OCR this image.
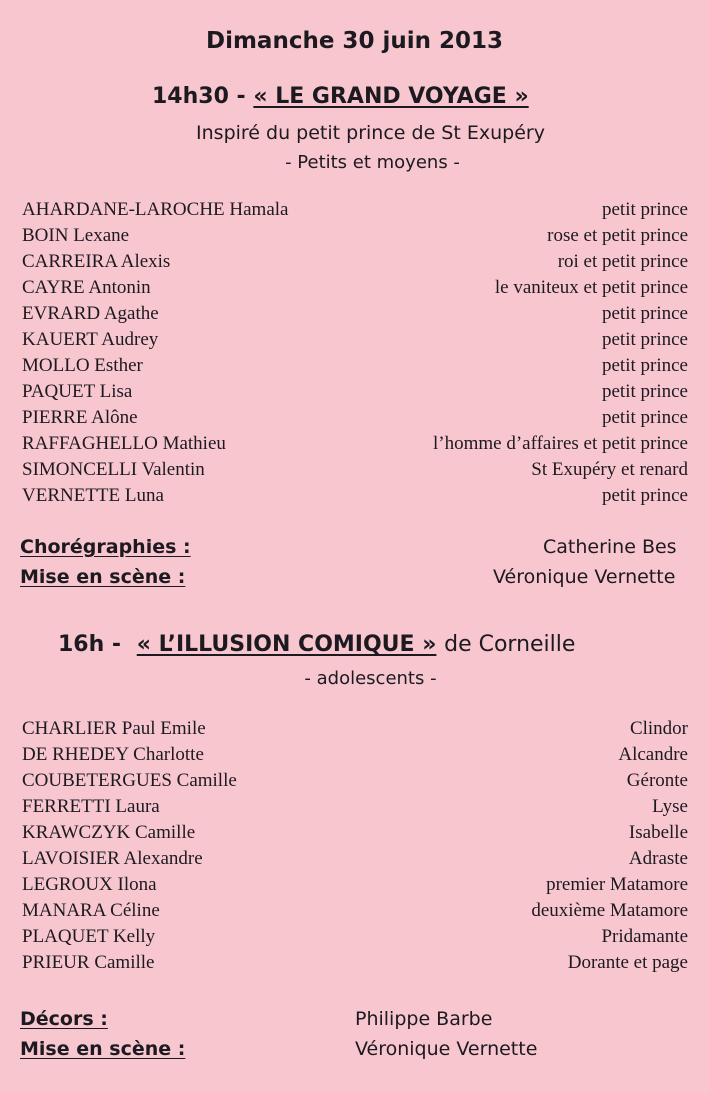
Dimanche 30 juin 2013
14h30 - « LE GRAND VOYAGE »
Inspiré du petit prince de St Exupéry
- Petits et moyens -
AHARDANE-LAROCHE Hamala	petit prince
BOIN Lexane	rose et petit prince
CARREIRA Alexis	roi et petit prince
CAYRE Antonin	le vaniteux et petit prince
EVRARD Agathe	petit prince
KAUERT Audrey	petit prince
MOLLO Esther	petit prince
PAQUET Lisa	petit prince
PIERRE Alône	petit prince
RAFFAGHELLO Mathieu	l’homme d’affaires et petit prince
SIMONCELLI Valentin	St Exupéry et renard
VERNETTE Luna	petit prince
Chorégraphies :	Catherine Bes
Mise en scène :	Véronique Vernette
16h - « L’ILLUSION COMIQUE » de Corneille
- adolescents -
CHARLIER Paul Emile	Clindor
DE RHEDEY Charlotte	Alcandre
COUBETERGUES Camille	Géronte
FERRETTI Laura	Lyse
KRAWCZYK Camille	Isabelle
LAVOISIER Alexandre	Adraste
LEGROUX Ilona	premier Matamore
MANARA Céline	deuxième Matamore
PLAQUET Kelly	Pridamante
PRIEUR Camille	Dorante et page
Décors :	Philippe Barbe
Mise en scène :	Véronique Vernette
